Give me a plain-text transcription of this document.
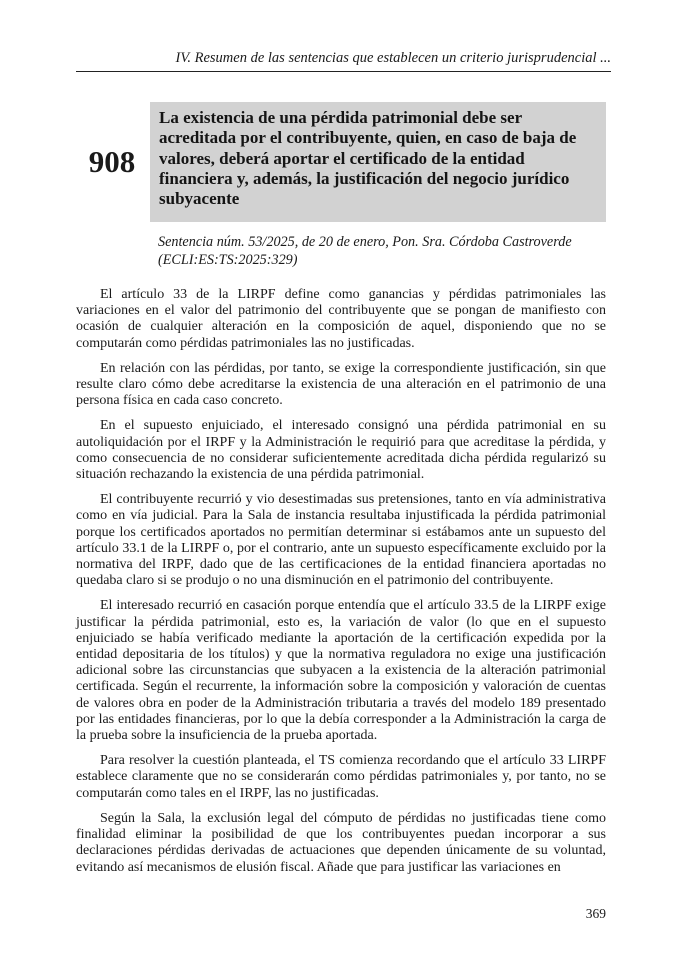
IV. Resumen de las sentencias que establecen un criterio jurisprudencial ...
908
La existencia de una pérdida patrimonial debe ser acreditada por el contribuyente, quien, en caso de baja de valores, deberá aportar el certificado de la entidad financiera y, además, la justificación del negocio jurídico subyacente
Sentencia núm. 53/2025, de 20 de enero, Pon. Sra. Córdoba Castroverde
(ECLI:ES:TS:2025:329)

El artículo 33 de la LIRPF define como ganancias y pérdidas patrimoniales las variaciones en el valor del patrimonio del contribuyente que se pongan de manifiesto con ocasión de cualquier alteración en la composición de aquel, disponiendo que no se computarán como pérdidas patrimoniales las no justificadas.

En relación con las pérdidas, por tanto, se exige la correspondiente justificación, sin que resulte claro cómo debe acreditarse la existencia de una alteración en el patrimonio de una persona física en cada caso concreto.

En el supuesto enjuiciado, el interesado consignó una pérdida patrimonial en su autoliquidación por el IRPF y la Administración le requirió para que acreditase la pérdida, y como consecuencia de no considerar suficientemente acreditada dicha pérdida regularizó su situación rechazando la existencia de una pérdida patrimonial.

El contribuyente recurrió y vio desestimadas sus pretensiones, tanto en vía administrativa como en vía judicial. Para la Sala de instancia resultaba injustificada la pérdida patrimonial porque los certificados aportados no permitían determinar si estábamos ante un supuesto del artículo 33.1 de la LIRPF o, por el contrario, ante un supuesto específicamente excluido por la normativa del IRPF, dado que de las certificaciones de la entidad financiera aportadas no quedaba claro si se produjo o no una disminución en el patrimonio del contribuyente.

El interesado recurrió en casación porque entendía que el artículo 33.5 de la LIRPF exige justificar la pérdida patrimonial, esto es, la variación de valor (lo que en el supuesto enjuiciado se había verificado mediante la aportación de la certificación expedida por la entidad depositaria de los títulos) y que la normativa reguladora no exige una justificación adicional sobre las circunstancias que subyacen a la existencia de la alteración patrimonial certificada. Según el recurrente, la información sobre la composición y valoración de cuentas de valores obra en poder de la Administración tributaria a través del modelo 189 presentado por las entidades financieras, por lo que la debía corresponder a la Administración la carga de la prueba sobre la insuficiencia de la prueba aportada.

Para resolver la cuestión planteada, el TS comienza recordando que el artículo 33 LIRPF establece claramente que no se considerarán como pérdidas patrimoniales y, por tanto, no se computarán como tales en el IRPF, las no justificadas.

Según la Sala, la exclusión legal del cómputo de pérdidas no justificadas tiene como finalidad eliminar la posibilidad de que los contribuyentes puedan incorporar a sus declaraciones pérdidas derivadas de actuaciones que dependen únicamente de su voluntad, evitando así mecanismos de elusión fiscal. Añade que para justificar las variaciones en

369
